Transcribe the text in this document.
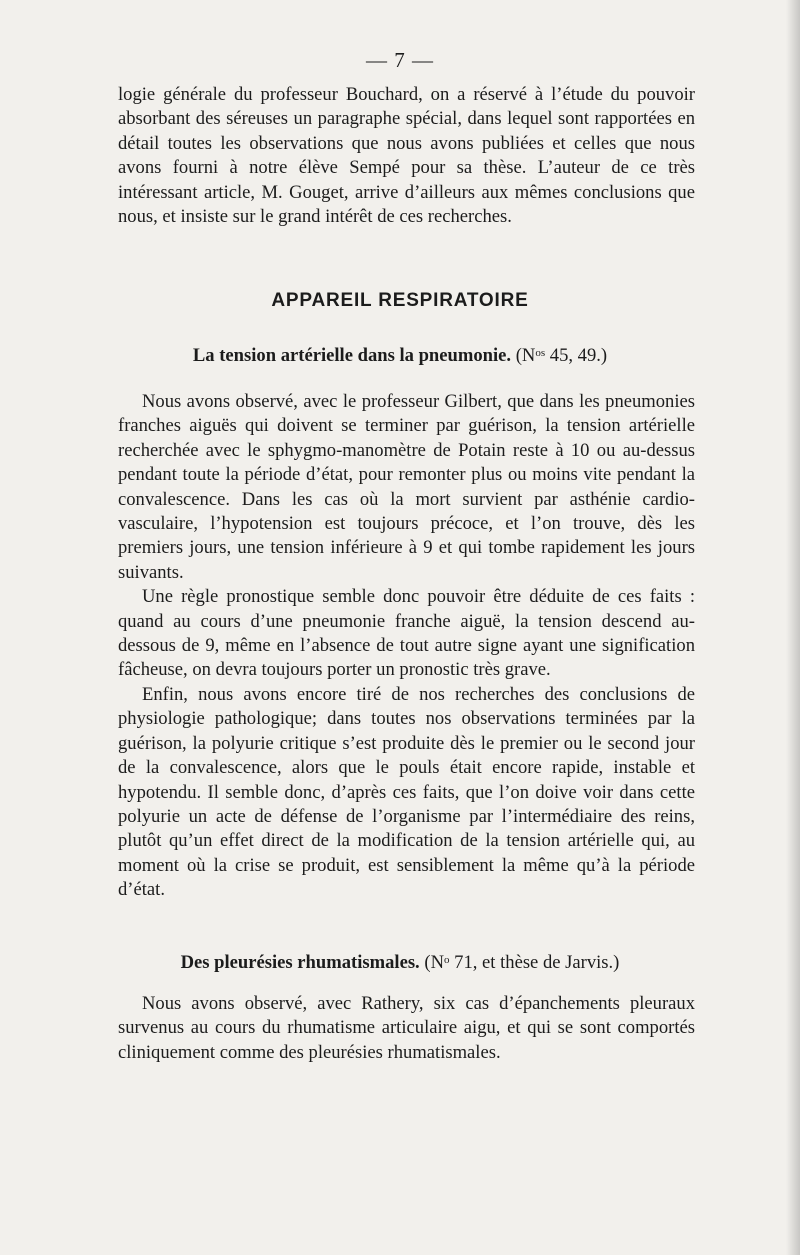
— 7 —

logie générale du professeur Bouchard, on a réservé à l’étude du pouvoir absorbant des séreuses un paragraphe spécial, dans lequel sont rapportées en détail toutes les observations que nous avons publiées et celles que nous avons fourni à notre élève Sempé pour sa thèse. L’auteur de ce très intéressant article, M. Gouget, arrive d’ailleurs aux mêmes conclusions que nous, et insiste sur le grand intérêt de ces recherches.

APPAREIL RESPIRATOIRE
La tension artérielle dans la pneumonie. ($N^{os}$ 45, 49.)

Nous avons observé, avec le professeur Gilbert, que dans les pneumonies franches aiguës qui doivent se terminer par guérison, la tension artérielle recherchée avec le sphygmo-manomètre de Potain reste à 10 ou au-dessus pendant toute la période d’état, pour remonter plus ou moins vite pendant la convalescence. Dans les cas où la mort survient par asthénie cardio-vasculaire, l’hypotension est toujours précoce, et l’on trouve, dès les premiers jours, une tension inférieure à 9 et qui tombe rapidement les jours suivants.

Une règle pronostique semble donc pouvoir être déduite de ces faits : quand au cours d’une pneumonie franche aiguë, la tension descend au-dessous de 9, même en l’absence de tout autre signe ayant une signification fâcheuse, on devra toujours porter un pronostic très grave.

Enfin, nous avons encore tiré de nos recherches des conclusions de physiologie pathologique; dans toutes nos observations terminées par la guérison, la polyurie critique s’est produite dès le premier ou le second jour de la convalescence, alors que le pouls était encore rapide, instable et hypotendu. Il semble donc, d’après ces faits, que l’on doive voir dans cette polyurie un acte de défense de l’organisme par l’intermédiaire des reins, plutôt qu’un effet direct de la modification de la tension artérielle qui, au moment où la crise se produit, est sensiblement la même qu’à la période d’état.

Des pleurésies rhumatismales. ($N^o$ 71, et thèse de Jarvis.)

Nous avons observé, avec Rathery, six cas d’épanchements pleuraux survenus au cours du rhumatisme articulaire aigu, et qui se sont comportés cliniquement comme des pleurésies rhumatismales.
